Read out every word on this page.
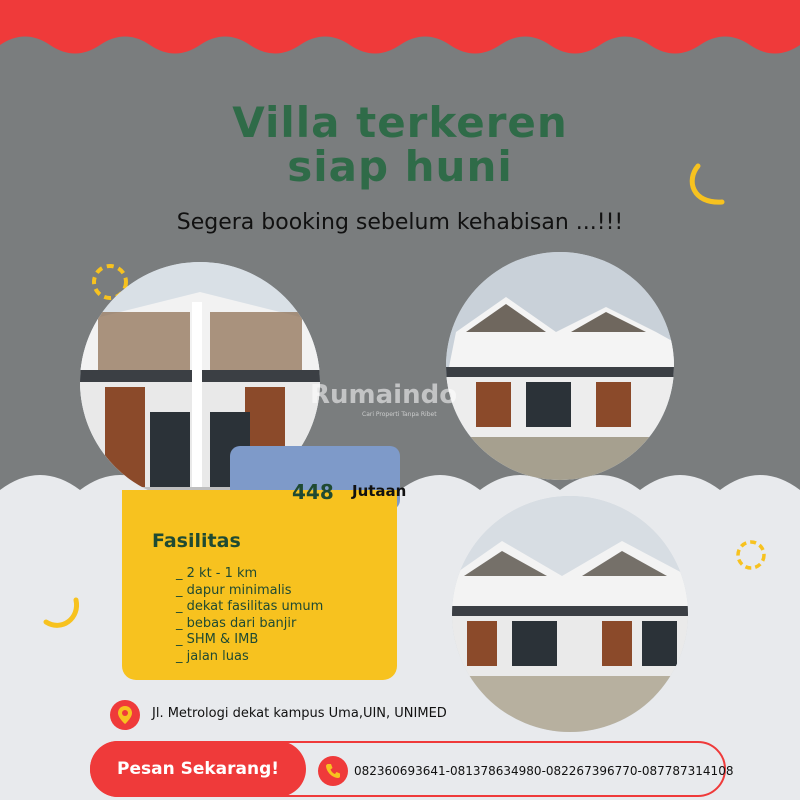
Villa terkeren
siap huni
Segera booking sebelum kehabisan ...!!!
Rumaindo
Cari Properti Tanpa Ribet
448 Jutaan
Fasilitas
_ 2 kt - 1 km
_ dapur minimalis
_ dekat fasilitas umum
_ bebas dari banjir
_ SHM & IMB
_ jalan luas
Jl. Metrologi dekat kampus Uma,UIN, UNIMED
Pesan Sekarang!	082360693641-081378634980-082267396770-087787314108
